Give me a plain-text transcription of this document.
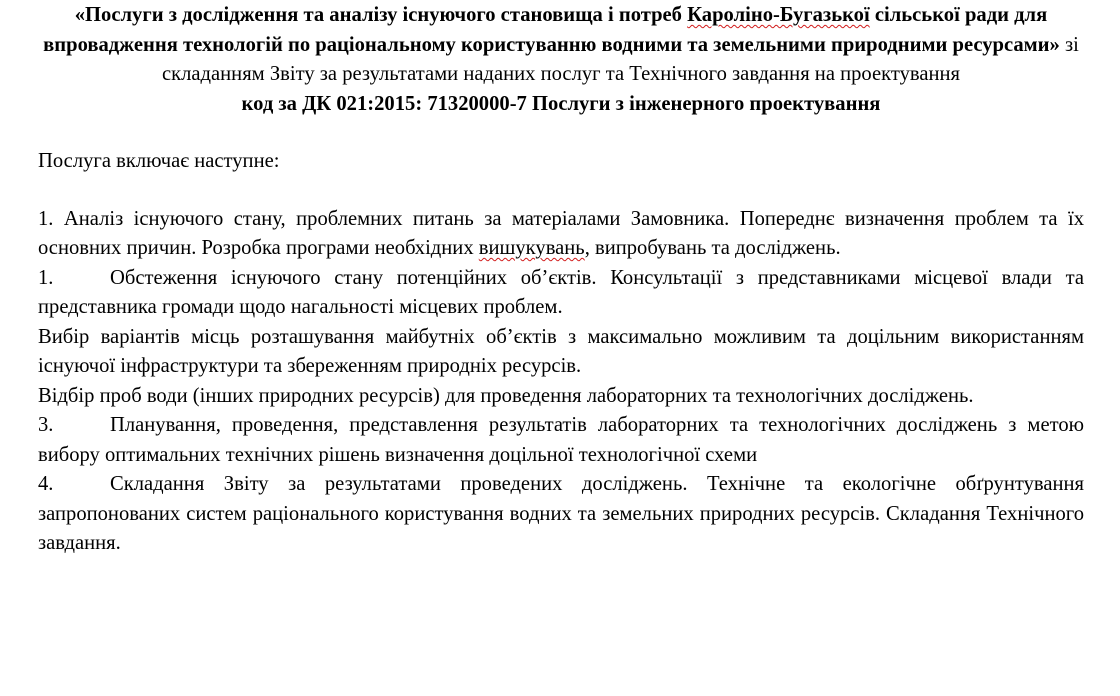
«Послуги з дослідження та аналізу існуючого становища і потреб Кароліно-Бугазької сільської ради для впровадження технологій по раціональному користуванню водними та земельними природними ресурсами» зі складанням Звіту за результатами наданих послуг та Технічного завдання на проектування
код за ДК 021:2015: 71320000-7 Послуги з інженерного проектування
Послуга включає наступне:
1. Аналіз існуючого стану, проблемних питань за матеріалами Замовника. Попереднє визначення проблем та їх основних причин. Розробка програми необхідних вишукувань, випробувань та досліджень.
1.	Обстеження існуючого стану потенційних об’єктів. Консультації з представниками місцевої влади та представника громади щодо нагальності місцевих проблем.
Вибір варіантів місць розташування майбутніх об’єктів з максимально можливим та доцільним використанням існуючої інфраструктури та збереженням природніх ресурсів.
Відбір проб води (інших природних ресурсів) для проведення лабораторних та технологічних досліджень.
3.	Планування, проведення, представлення результатів лабораторних та технологічних досліджень з метою вибору оптимальних технічних рішень визначення доцільної технологічної схеми
4.	Складання Звіту за результатами проведених досліджень. Технічне та екологічне обґрунтування запропонованих систем раціонального користування водних та земельних природних ресурсів. Складання Технічного завдання.
